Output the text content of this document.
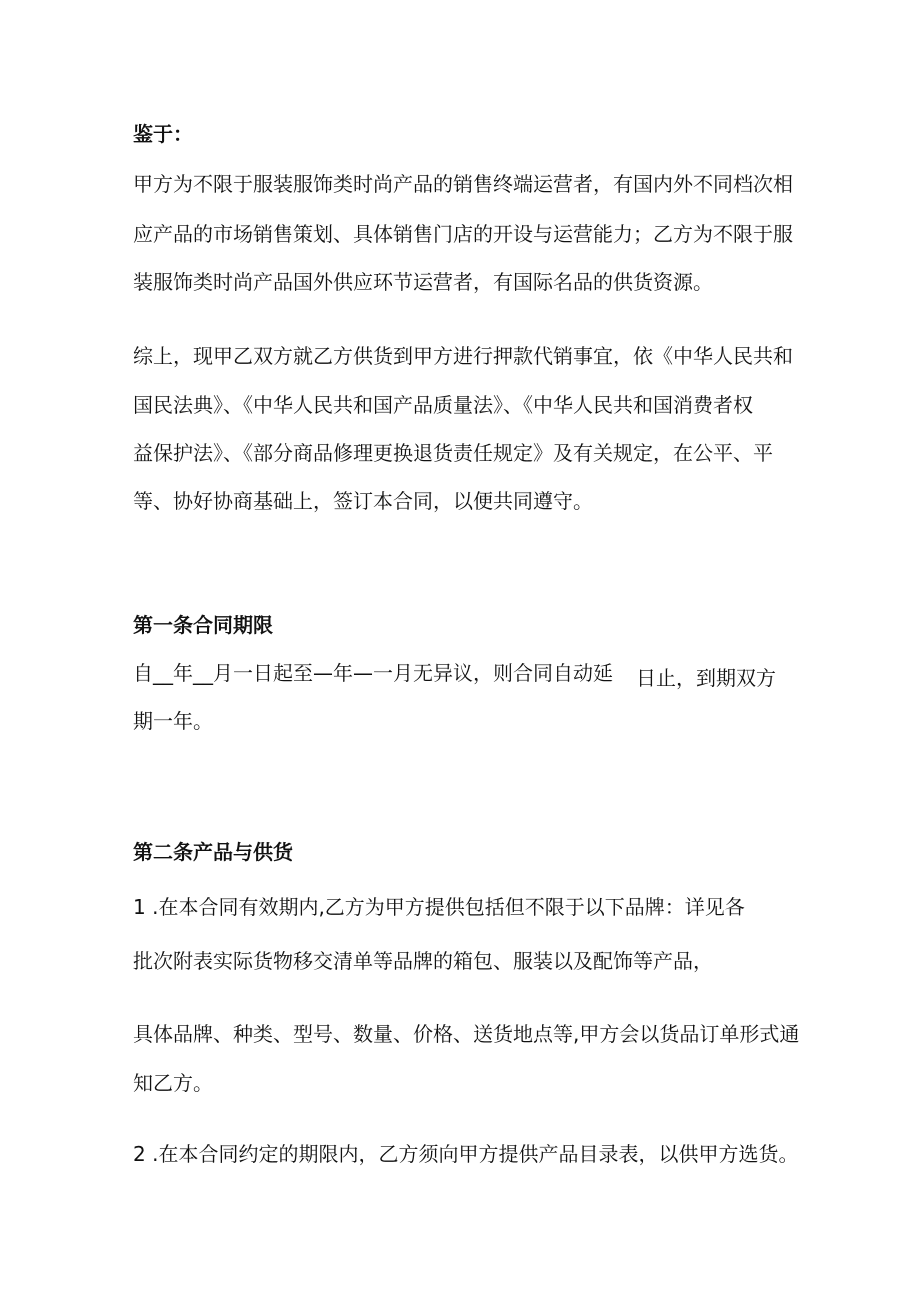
鉴于：
甲方为不限于服装服饰类时尚产品的销售终端运营者，有国内外不同档次相
应产品的市场销售策划、具体销售门店的开设与运营能力；乙方为不限于服
装服饰类时尚产品国外供应环节运营者，有国际名品的供货资源。
综上，现甲乙双方就乙方供货到甲方进行押款代销事宜，依《中华人民共和
国民法典》、《中华人民共和国产品质量法》、《中华人民共和国消费者权
益保护法》、《部分商品修理更换退货责任规定》及有关规定，在公平、平
等、协好协商基础上，签订本合同，以便共同遵守。
第一条合同期限
自__年__月一日起至—年—一月无异议，则合同自动延 日止，到期双方
期一年。
第二条产品与供货
1 .在本合同有效期内,乙方为甲方提供包括但不限于以下品牌：详见各
批次附表实际货物移交清单等品牌的箱包、服装以及配饰等产品，
具体品牌、种类、型号、数量、价格、送货地点等,甲方会以货品订单形式通
知乙方。
2 .在本合同约定的期限内，乙方须向甲方提供产品目录表，以供甲方选货。
